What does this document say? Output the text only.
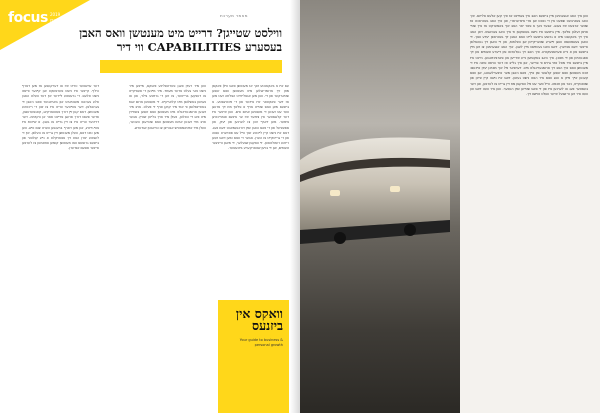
focus 2019 מגזין
מאמר מערכת
ווילסט שטייגן? דרייט מיט מענטשן וואס האבן בעסערע CAPABILITIES ווי דיר

עס איז א באקאנטע זאך אז מענטשן וואס ווילן וואקסן מוזן זיך ארומרינגלען מיט מענטשן וואס זענען שטארקער פון זיי. ווען מען אנאליזירט הצלחה זעט מען אז דער פאקטאר איז איינער פון די וויכטיגסטע. א ביזנעס מאן וואס שטייט אויף א פלאץ מוז זיך פרעגן ווער עס זענען די מענטשן ארום אים. ווען איינער איז דער קלוגסטער אין צימער איז ער אינעם אומריכטיגן צימער. מען דארף זוכן צו לערנען פון יעדן, און ספעציעל פון די וואס האבן שוין דורכגעמאכט דעם וועג. דאס איז נישט קיין לייכטע זאך ווייל עס פאדערט ענווה און די גרייטקייט צו הערן. אבער די וואס טוען דאס זעען ריזיגע רעזולטאטן. זיי וואקסן שנעלער, זיי מאכן ווייניגער טעותים, און זיי בויען שטארקערע ביזנעסער.

ווען מיר רעדן וועגן פערזענליכע וואוקס, מיינען מיר נישט נאר געלט אדער מעמד. מיר מיינען די פעאיקייט צו דענקען ברייטער, צו זען די גרויסע בילד, און צו נעמען באשלוסן מיט קלארקייט. די מענטשן ארום אונז באאיינפלוסן ווי אזוי מיר קוקן אויף די וועלט. אויב מיר זענען ארומגערינגלט מיט מענטשן וואס זענען צופרידן מיט וואו זיי האלטן, וועלן מיר אויך בלייבן שטיין. אבער אויב מיר זענען ארום מענטשן וואס שטרעבן העכער, וועלן מיר אויטאמאטיש אנהייבן צו טראכטן אנדערש.

דער ערשטער טריט איז צו דערקענען אז מען דארף הילף. קיינער איז נישט פערפעקט און קיינער ווייסט נישט אלעס. די גרעסטע ליידער אין דער וועלט האבן אלע געהאט מענטארס און באראטער וואס האבן זיי געהאלפן. דער צווייטער טריט איז צו זוכן די ריכטיגע מענטשן. דאס קען זיין דורך נעטווארקינג, קאנפערענצן, אדער פשוט דורך פרעגן פריינט פאר אן הקדמה. דער דריטער טריט איז צו זיין גרייט צו געבן. א שייכות איז צוויי-זייטיג, און מען דארף ברענגען ווערט צום טיש. ווען מען טוט דאס, וועלן מענטשן זיין גרייט צו העלפן. אין די לעצטע יארן האט זיך אנטוויקלט א נייע קולטור פון ביזנעס גרופעס וואו מענטשן קומען צוזאמען צו לערנען איינער פונעם אנדערן.

וואקס אין ביזנעס
Your guide to business & personal growth

ווען איך האב אנגעהויבן מיין ביזנעס האב איך געמיינט אז איך קען אלעס אליינס. איך האב געארבעט שפעט אין די נאכט און פרי אינדערפרי, און איך האב געטראכט אז שווער ארבעט איז גענוג. אבער נאך א פאר יאר האב איך באמערקט אז איך שטיי אויפן זעלבן פלאץ. מיין ביזנעס איז נישט געוואקסן ווי איך האב געהאפט. דאן האב איך זיך באקענט מיט א גרופע ביזנעס לייט וואס האבן זיך געטראפן יעדע וואך. זיי האבן געשמועסט וועגן זייערע שוועריקייטן און הצלחות, און זיי האבן זיך געהאלפן איינער דעם אנדערן. דאס האט געטוישט מיין לעבן. איך האב אנגעהויבן צו זען מיין ביזנעס פון א נייע פערספעקטיוו. איך האב זיך געלערנט פון זייערע טעותים און זיך אפגעהיטן פון זיי מאכן. איך האב באקומען נייע אידייען און פארבינדונגען. היינט איז מיין ביזנעס פיר מאל אזוי גרויס ווי פריער, און איך גלייב אז דער הויפט סיבה איז די מענטשן וואס איך האב זיך ארומגערינגלט מיט. דערפאר וויל איך מוטיגן יעדן איינעם: זוכט מענטשן וואס זענען קלוגער פון אייך, וואס האבן מער איבערלעבונג, און וואס קענען אייך ווייזן א וועג וואס איר האט נישט געזען. דאס איז נישט קיין צייכן פון שוואכקייט, נאר פון חכמה. ווייל ווער עס וויל וואקסן מוז זיין גרייט צו לערנען, און דער בעסטער וועג צו לערנען איז פון די וואס שטייען שוין העכער. ווען איר וועט דאס טון וועט איר זען ווי שנעל אייער וועלט טוישט זיך.
